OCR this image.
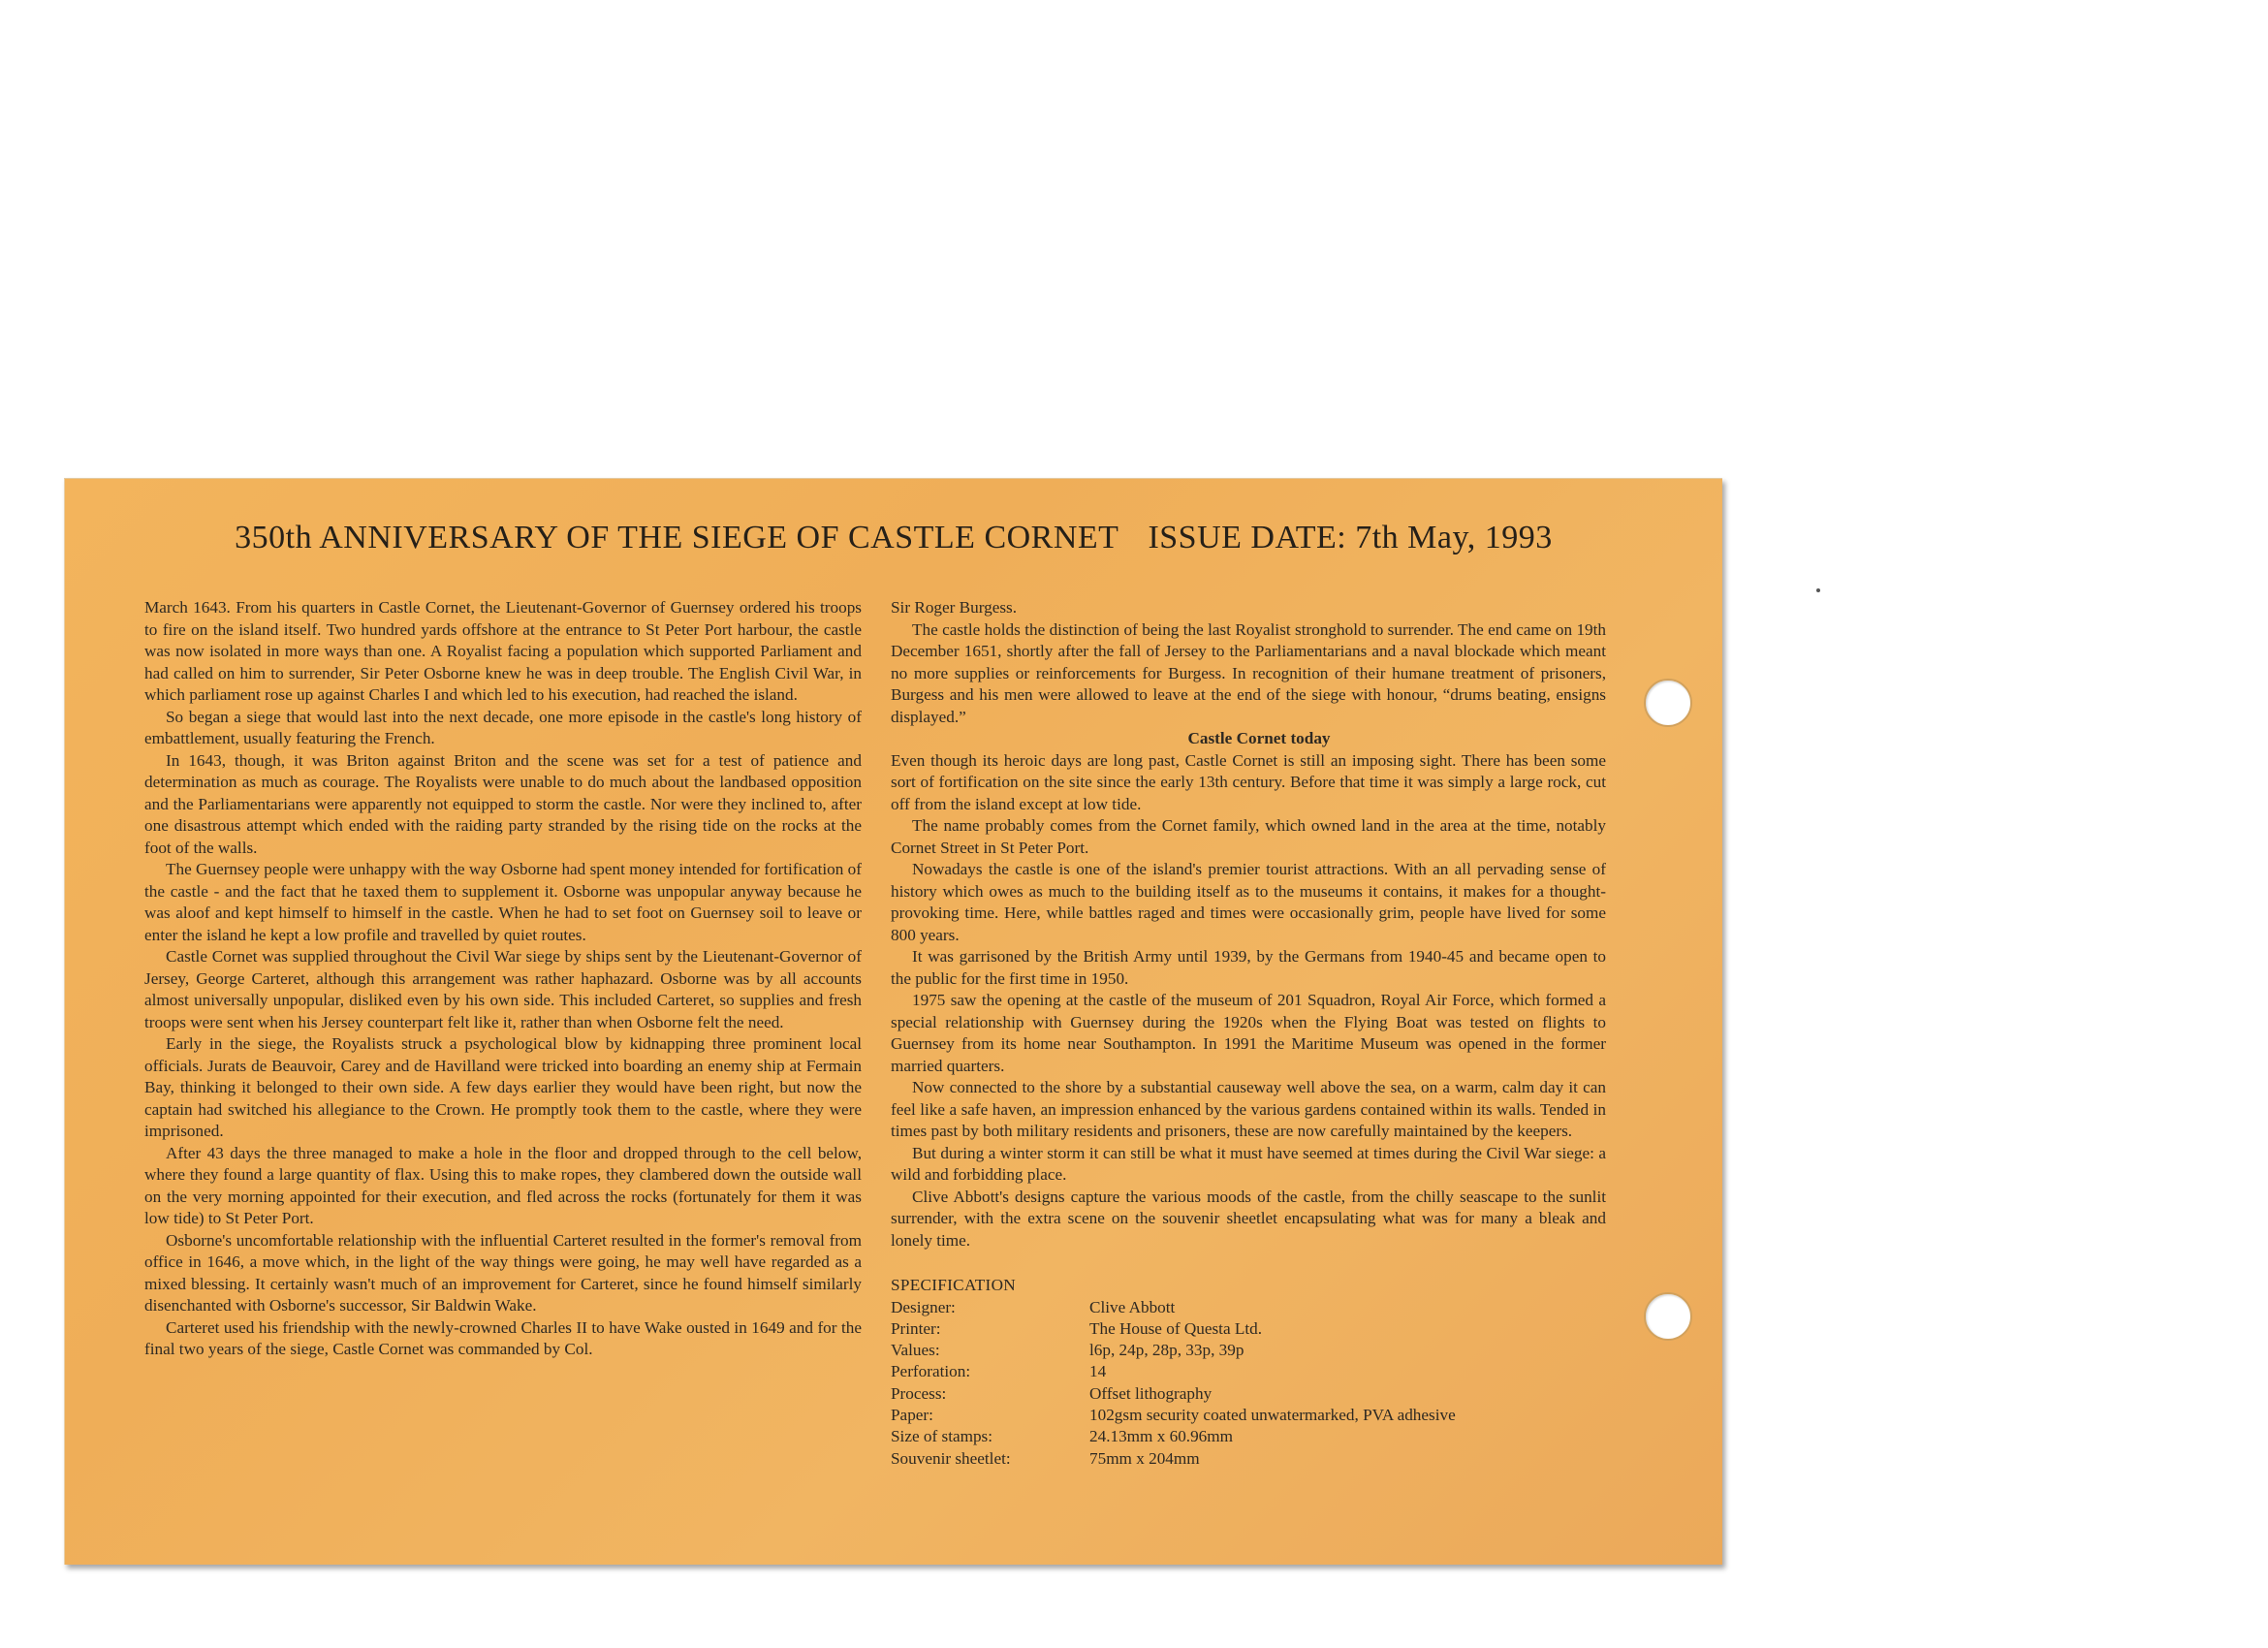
350th ANNIVERSARY OF THE SIEGE OF CASTLE CORNET ISSUE DATE: 7th May, 1993

March 1643. From his quarters in Castle Cornet, the Lieutenant-Governor of Guernsey ordered his troops to fire on the island itself. Two hundred yards offshore at the entrance to St Peter Port harbour, the castle was now isolated in more ways than one. A Royalist facing a population which supported Parliament and had called on him to surrender, Sir Peter Osborne knew he was in deep trouble. The English Civil War, in which parliament rose up against Charles I and which led to his execution, had reached the island.

So began a siege that would last into the next decade, one more episode in the castle's long history of embattlement, usually featuring the French.

In 1643, though, it was Briton against Briton and the scene was set for a test of patience and determination as much as courage. The Royalists were unable to do much about the landbased opposition and the Parliamentarians were apparently not equipped to storm the castle. Nor were they inclined to, after one disastrous attempt which ended with the raiding party stranded by the rising tide on the rocks at the foot of the walls.

The Guernsey people were unhappy with the way Osborne had spent money intended for fortification of the castle - and the fact that he taxed them to supplement it. Osborne was unpopular anyway because he was aloof and kept himself to himself in the castle. When he had to set foot on Guernsey soil to leave or enter the island he kept a low profile and travelled by quiet routes.

Castle Cornet was supplied throughout the Civil War siege by ships sent by the Lieutenant-Governor of Jersey, George Carteret, although this arrangement was rather haphazard. Osborne was by all accounts almost universally unpopular, disliked even by his own side. This included Carteret, so supplies and fresh troops were sent when his Jersey counterpart felt like it, rather than when Osborne felt the need.

Early in the siege, the Royalists struck a psychological blow by kidnapping three prominent local officials. Jurats de Beauvoir, Carey and de Havilland were tricked into boarding an enemy ship at Fermain Bay, thinking it belonged to their own side. A few days earlier they would have been right, but now the captain had switched his allegiance to the Crown. He promptly took them to the castle, where they were imprisoned.

After 43 days the three managed to make a hole in the floor and dropped through to the cell below, where they found a large quantity of flax. Using this to make ropes, they clambered down the outside wall on the very morning appointed for their execution, and fled across the rocks (fortunately for them it was low tide) to St Peter Port.

Osborne's uncomfortable relationship with the influential Carteret resulted in the former's removal from office in 1646, a move which, in the light of the way things were going, he may well have regarded as a mixed blessing. It certainly wasn't much of an improvement for Carteret, since he found himself similarly disenchanted with Osborne's successor, Sir Baldwin Wake.

Carteret used his friendship with the newly-crowned Charles II to have Wake ousted in 1649 and for the final two years of the siege, Castle Cornet was commanded by Col.

Sir Roger Burgess.

The castle holds the distinction of being the last Royalist stronghold to surrender. The end came on 19th December 1651, shortly after the fall of Jersey to the Parliamentarians and a naval blockade which meant no more supplies or reinforcements for Burgess. In recognition of their humane treatment of prisoners, Burgess and his men were allowed to leave at the end of the siege with honour, “drums beating, ensigns displayed.”

Castle Cornet today

Even though its heroic days are long past, Castle Cornet is still an imposing sight. There has been some sort of fortification on the site since the early 13th century. Before that time it was simply a large rock, cut off from the island except at low tide.

The name probably comes from the Cornet family, which owned land in the area at the time, notably Cornet Street in St Peter Port.

Nowadays the castle is one of the island's premier tourist attractions. With an all pervading sense of history which owes as much to the building itself as to the museums it contains, it makes for a thought-provoking time. Here, while battles raged and times were occasionally grim, people have lived for some 800 years.

It was garrisoned by the British Army until 1939, by the Germans from 1940-45 and became open to the public for the first time in 1950.

1975 saw the opening at the castle of the museum of 201 Squadron, Royal Air Force, which formed a special relationship with Guernsey during the 1920s when the Flying Boat was tested on flights to Guernsey from its home near Southampton. In 1991 the Maritime Museum was opened in the former married quarters.

Now connected to the shore by a substantial causeway well above the sea, on a warm, calm day it can feel like a safe haven, an impression enhanced by the various gardens contained within its walls. Tended in times past by both military residents and prisoners, these are now carefully maintained by the keepers.

But during a winter storm it can still be what it must have seemed at times during the Civil War siege: a wild and forbidding place.

Clive Abbott's designs capture the various moods of the castle, from the chilly seascape to the sunlit surrender, with the extra scene on the souvenir sheetlet encapsulating what was for many a bleak and lonely time.

SPECIFICATION
Designer:	Clive Abbott
Printer:	The House of Questa Ltd.
Values:	l6p, 24p, 28p, 33p, 39p
Perforation:	14
Process:	Offset lithography
Paper:	102gsm security coated unwatermarked, PVA adhesive
Size of stamps:	24.13mm x 60.96mm
Souvenir sheetlet:	75mm x 204mm
